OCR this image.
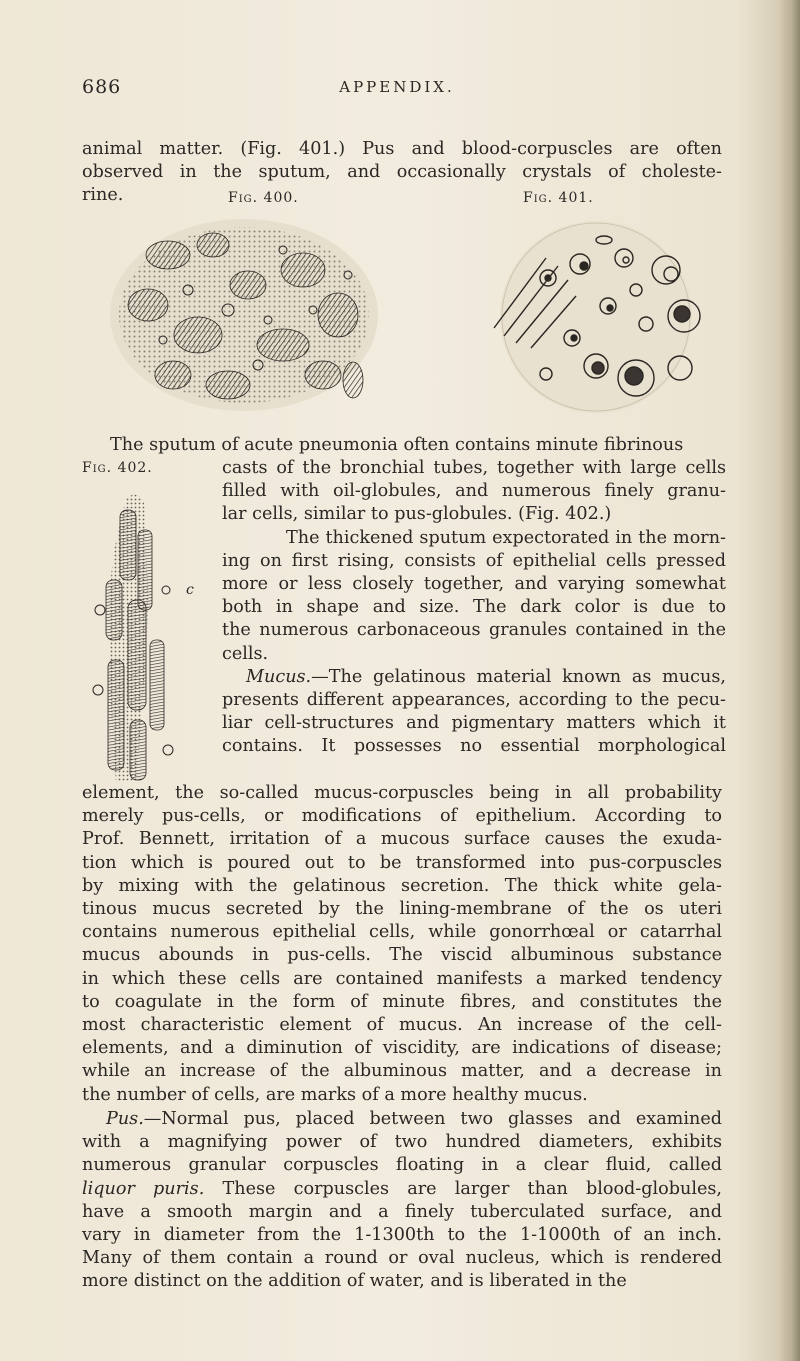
686	APPENDIX.
animal matter. (Fig. 401.) Pus and blood-corpuscles are often
observed in the sputum, and occasionally crystals of choleste-
rine.	Fig. 400.	Fig. 401.
The sputum of acute pneumonia often contains minute fibrinous
Fig. 402.
c
casts of the bronchial tubes, together with large cells
filled with oil-globules, and numerous finely granu-
lar cells, similar to pus-globules. (Fig. 402.)
The thickened sputum expectorated in the morn-
ing on first rising, consists of epithelial cells pressed
more or less closely together, and varying somewhat
both in shape and size. The dark color is due to
the numerous carbonaceous granules contained in the
cells.
Mucus.—The gelatinous material known as mucus,
presents different appearances, according to the pecu-
liar cell-structures and pigmentary matters which it
contains. It possesses no essential morphological
element, the so-called mucus-corpuscles being in all probability
merely pus-cells, or modifications of epithelium. According to
Prof. Bennett, irritation of a mucous surface causes the exuda-
tion which is poured out to be transformed into pus-corpuscles
by mixing with the gelatinous secretion. The thick white gela-
tinous mucus secreted by the lining-membrane of the os uteri
contains numerous epithelial cells, while gonorrhœal or catarrhal
mucus abounds in pus-cells. The viscid albuminous substance
in which these cells are contained manifests a marked tendency
to coagulate in the form of minute fibres, and constitutes the
most characteristic element of mucus. An increase of the cell-
elements, and a diminution of viscidity, are indications of disease;
while an increase of the albuminous matter, and a decrease in
the number of cells, are marks of a more healthy mucus.
Pus.—Normal pus, placed between two glasses and examined
with a magnifying power of two hundred diameters, exhibits
numerous granular corpuscles floating in a clear fluid, called
liquor puris. These corpuscles are larger than blood-globules,
have a smooth margin and a finely tuberculated surface, and
vary in diameter from the 1-1300th to the 1-1000th of an inch.
Many of them contain a round or oval nucleus, which is rendered
more distinct on the addition of water, and is liberated in the
